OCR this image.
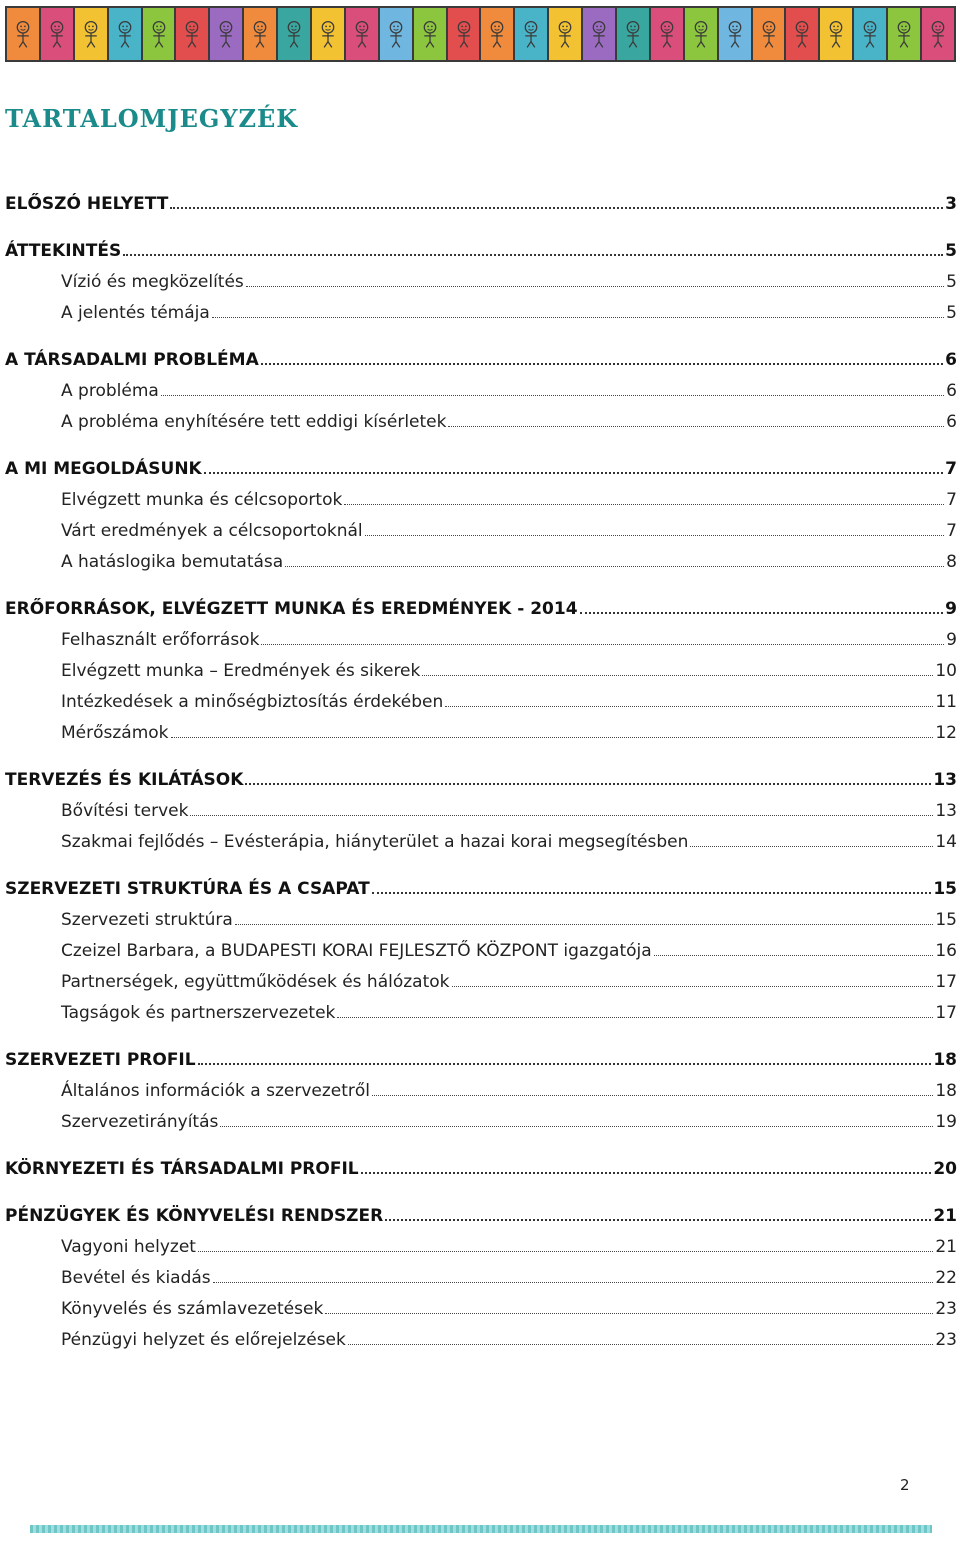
TARTALOMJEGYZÉK
ELŐSZÓ HELYETT	3
ÁTTEKINTÉS	5
Vízió és megközelítés	5
A jelentés témája	5
A TÁRSADALMI PROBLÉMA	6
A probléma	6
A probléma enyhítésére tett eddigi kísérletek	6
A MI MEGOLDÁSUNK	7
Elvégzett munka és célcsoportok	7
Várt eredmények a célcsoportoknál	7
A hatáslogika bemutatása	8
ERŐFORRÁSOK, ELVÉGZETT MUNKA ÉS EREDMÉNYEK - 2014	9
Felhasznált erőforrások	9
Elvégzett munka – Eredmények és sikerek	10
Intézkedések a minőségbiztosítás érdekében	11
Mérőszámok	12
TERVEZÉS ÉS KILÁTÁSOK	13
Bővítési tervek	13
Szakmai fejlődés – Evésterápia, hiányterület a hazai korai megsegítésben	14
SZERVEZETI STRUKTÚRA ÉS A CSAPAT	15
Szervezeti struktúra	15
Czeizel Barbara, a BUDAPESTI KORAI FEJLESZTŐ KÖZPONT igazgatója	16
Partnerségek, együttműködések és hálózatok	17
Tagságok és partnerszervezetek	17
SZERVEZETI PROFIL	18
Általános információk a szervezetről	18
Szervezetirányítás	19
KÖRNYEZETI ÉS TÁRSADALMI PROFIL	20
PÉNZÜGYEK ÉS KÖNYVELÉSI RENDSZER	21
Vagyoni helyzet	21
Bevétel és kiadás	22
Könyvelés és számlavezetések	23
Pénzügyi helyzet és előrejelzések	23
2
